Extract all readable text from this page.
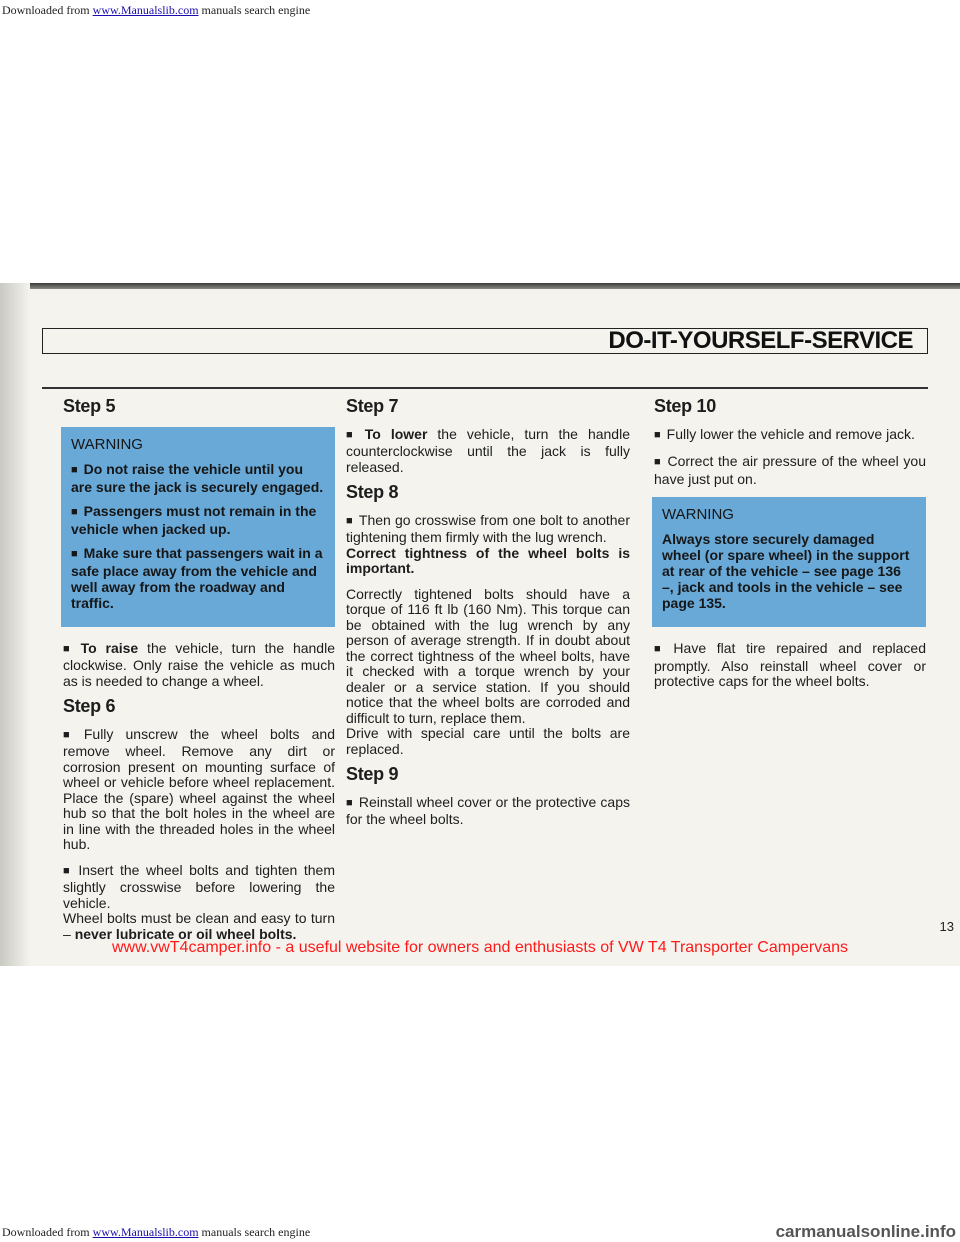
Downloaded from www.Manualslib.com manuals search engine
DO-IT-YOURSELF-SERVICE
Step 5
WARNING

■ Do not raise the vehicle until you are sure the jack is securely engaged.

■ Passengers must not remain in the vehicle when jacked up.

■ Make sure that passengers wait in a safe place away from the vehicle and well away from the roadway and traffic.

■ To raise the vehicle, turn the handle clockwise. Only raise the vehicle as much as is needed to change a wheel.

Step 6

■ Fully unscrew the wheel bolts and remove wheel. Remove any dirt or corrosion present on mounting surface of wheel or vehicle before wheel replacement. Place the (spare) wheel against the wheel hub so that the bolt holes in the wheel are in line with the threaded holes in the wheel hub.

■ Insert the wheel bolts and tighten them slightly crosswise before lowering the vehicle.

Wheel bolts must be clean and easy to turn – never lubricate or oil wheel bolts.

Step 7

■ To lower the vehicle, turn the handle counterclockwise until the jack is fully released.

Step 8

■ Then go crosswise from one bolt to another tightening them firmly with the lug wrench.
Correct tightness of the wheel bolts is important.

Correctly tightened bolts should have a torque of 116 ft lb (160 Nm). This torque can be obtained with the lug wrench by any person of average strength. If in doubt about the correct tightness of the wheel bolts, have it checked with a torque wrench by your dealer or a service station. If you should notice that the wheel bolts are corroded and difficult to turn, replace them.

Drive with special care until the bolts are replaced.

Step 9

■ Reinstall wheel cover or the protective caps for the wheel bolts.

Step 10

■ Fully lower the vehicle and remove jack.

■ Correct the air pressure of the wheel you have just put on.

WARNING

Always store securely damaged wheel (or spare wheel) in the support at rear of the vehicle – see page 136 –, jack and tools in the vehicle – see page 135.

■ Have flat tire repaired and replaced promptly. Also reinstall wheel cover or protective caps for the wheel bolts.

13
www.vwT4camper.info - a useful website for owners and enthusiasts of VW T4 Transporter Campervans
Downloaded from www.Manualslib.com manuals search engine	carmanualsonline.info
